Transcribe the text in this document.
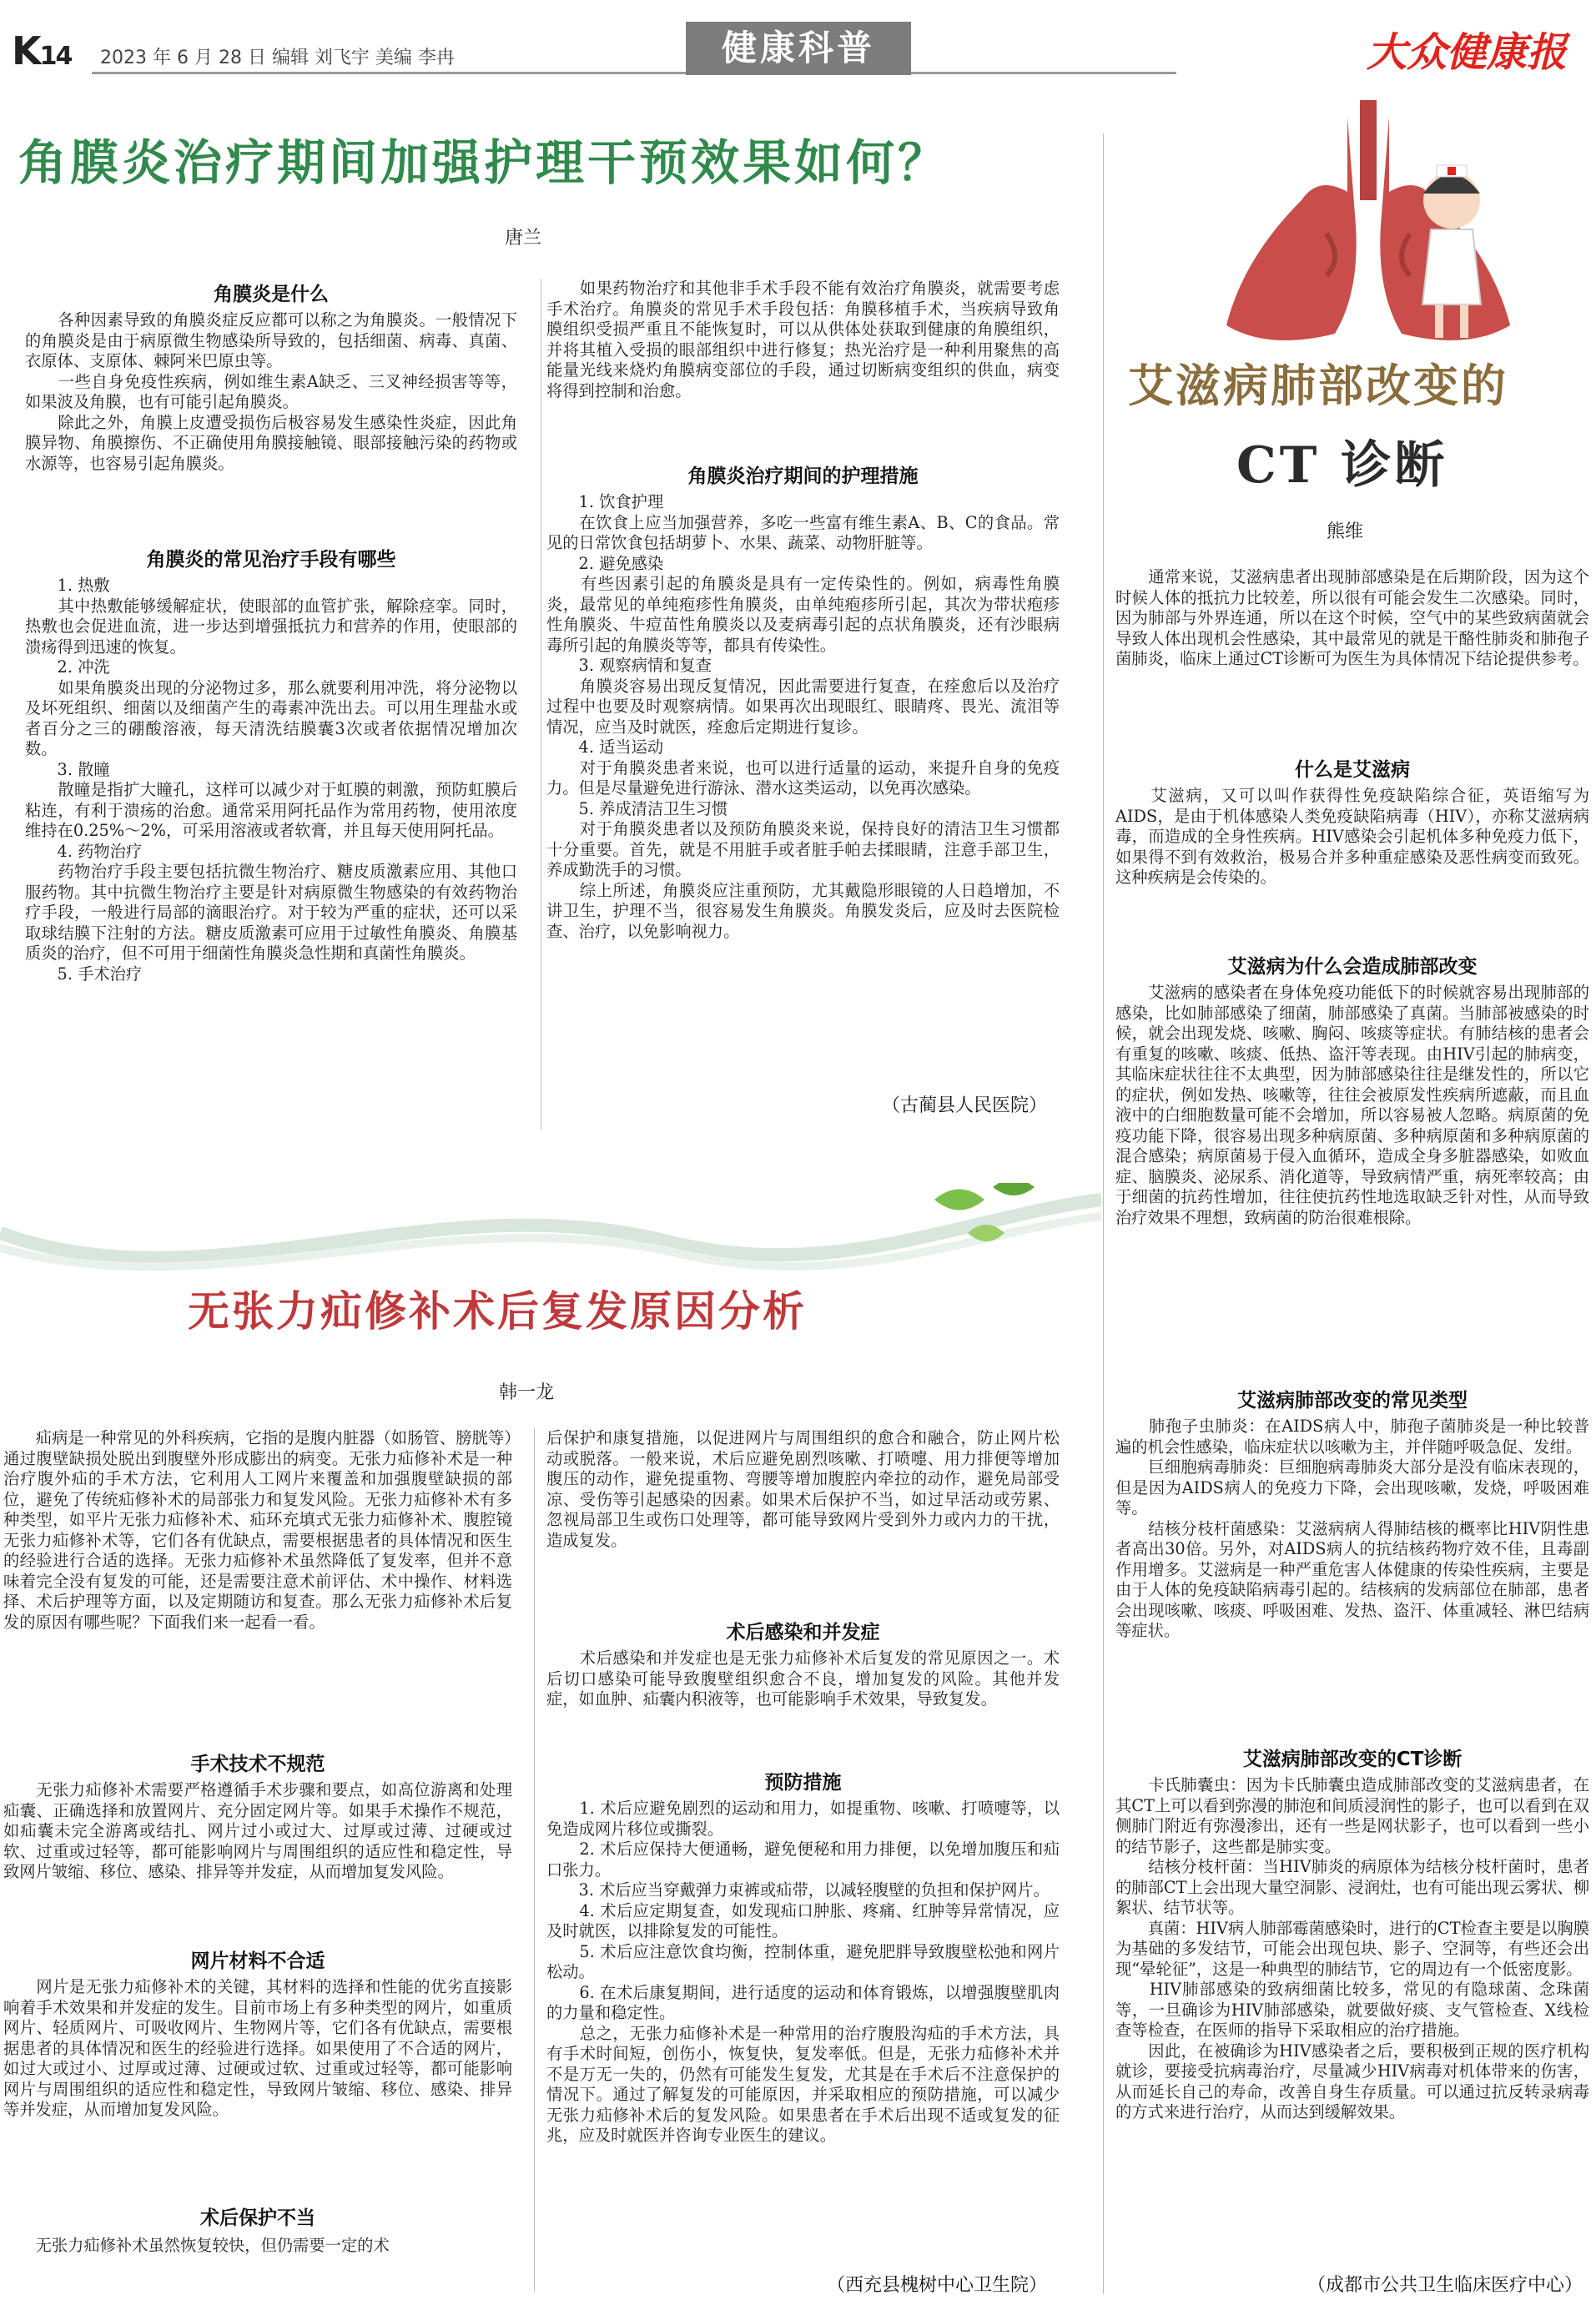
K14 2023 年 6 月 28 日 编辑 刘飞宇 美编 李冉	健康科普	大众健康报
角膜炎治疗期间加强护理干预效果如何？
唐兰
角膜炎是什么
　　各种因素导致的角膜炎症反应都可以称之为角膜炎。一般情况下的角膜炎是由于病原微生物感染所导致的，包括细菌、病毒、真菌、衣原体、支原体、棘阿米巴原虫等。
　　一些自身免疫性疾病，例如维生素A缺乏、三叉神经损害等等，如果波及角膜，也有可能引起角膜炎。
　　除此之外，角膜上皮遭受损伤后极容易发生感染性炎症，因此角膜异物、角膜擦伤、不正确使用角膜接触镜、眼部接触污染的药物或水源等，也容易引起角膜炎。
角膜炎的常见治疗手段有哪些
　　1. 热敷
　　其中热敷能够缓解症状，使眼部的血管扩张，解除痉挛。同时，热敷也会促进血流，进一步达到增强抵抗力和营养的作用，使眼部的溃疡得到迅速的恢复。
　　2. 冲洗
　　如果角膜炎出现的分泌物过多，那么就要利用冲洗，将分泌物以及坏死组织、细菌以及细菌产生的毒素冲洗出去。可以用生理盐水或者百分之三的硼酸溶液，每天清洗结膜囊3次或者依据情况增加次数。
　　3. 散瞳
　　散瞳是指扩大瞳孔，这样可以减少对于虹膜的刺激，预防虹膜后粘连，有利于溃疡的治愈。通常采用阿托品作为常用药物，使用浓度维持在0.25%～2%，可采用溶液或者软膏，并且每天使用阿托品。
　　4. 药物治疗
　　药物治疗手段主要包括抗微生物治疗、糖皮质激素应用、其他口服药物。其中抗微生物治疗主要是针对病原微生物感染的有效药物治疗手段，一般进行局部的滴眼治疗。对于较为严重的症状，还可以采取球结膜下注射的方法。糖皮质激素可应用于过敏性角膜炎、角膜基质炎的治疗，但不可用于细菌性角膜炎急性期和真菌性角膜炎。
　　5. 手术治疗
　　如果药物治疗和其他非手术手段不能有效治疗角膜炎，就需要考虑手术治疗。角膜炎的常见手术手段包括：角膜移植手术，当疾病导致角膜组织受损严重且不能恢复时，可以从供体处获取到健康的角膜组织，并将其植入受损的眼部组织中进行修复；热光治疗是一种利用聚焦的高能量光线来烧灼角膜病变部位的手段，通过切断病变组织的供血，病变将得到控制和治愈。
角膜炎治疗期间的护理措施
　　1. 饮食护理
　　在饮食上应当加强营养，多吃一些富有维生素A、B、C的食品。常见的日常饮食包括胡萝卜、水果、蔬菜、动物肝脏等。
　　2. 避免感染
　　有些因素引起的角膜炎是具有一定传染性的。例如，病毒性角膜炎，最常见的单纯疱疹性角膜炎，由单纯疱疹所引起，其次为带状疱疹性角膜炎、牛痘苗性角膜炎以及麦病毒引起的点状角膜炎，还有沙眼病毒所引起的角膜炎等等，都具有传染性。
　　3. 观察病情和复查
　　角膜炎容易出现反复情况，因此需要进行复查，在痊愈后以及治疗过程中也要及时观察病情。如果再次出现眼红、眼睛疼、畏光、流泪等情况，应当及时就医，痊愈后定期进行复诊。
　　4. 适当运动
　　对于角膜炎患者来说，也可以进行适量的运动，来提升自身的免疫力。但是尽量避免进行游泳、潜水这类运动，以免再次感染。
　　5. 养成清洁卫生习惯
　　对于角膜炎患者以及预防角膜炎来说，保持良好的清洁卫生习惯都十分重要。首先，就是不用脏手或者脏手帕去揉眼睛，注意手部卫生，养成勤洗手的习惯。
　　综上所述，角膜炎应注重预防，尤其戴隐形眼镜的人日趋增加，不讲卫生，护理不当，很容易发生角膜炎。角膜发炎后，应及时去医院检查、治疗，以免影响视力。
（古蔺县人民医院）
无张力疝修补术后复发原因分析
韩一龙
　　疝病是一种常见的外科疾病，它指的是腹内脏器（如肠管、膀胱等）通过腹壁缺损处脱出到腹壁外形成膨出的病变。无张力疝修补术是一种治疗腹外疝的手术方法，它利用人工网片来覆盖和加强腹壁缺损的部位，避免了传统疝修补术的局部张力和复发风险。无张力疝修补术有多种类型，如平片无张力疝修补术、疝环充填式无张力疝修补术、腹腔镜无张力疝修补术等，它们各有优缺点，需要根据患者的具体情况和医生的经验进行合适的选择。无张力疝修补术虽然降低了复发率，但并不意味着完全没有复发的可能，还是需要注意术前评估、术中操作、材料选择、术后护理等方面，以及定期随访和复查。那么无张力疝修补术后复发的原因有哪些呢？下面我们来一起看一看。
手术技术不规范
　　无张力疝修补术需要严格遵循手术步骤和要点，如高位游离和处理疝囊、正确选择和放置网片、充分固定网片等。如果手术操作不规范，如疝囊未完全游离或结扎、网片过小或过大、过厚或过薄、过硬或过软、过重或过轻等，都可能影响网片与周围组织的适应性和稳定性，导致网片皱缩、移位、感染、排异等并发症，从而增加复发风险。
网片材料不合适
　　网片是无张力疝修补术的关键，其材料的选择和性能的优劣直接影响着手术效果和并发症的发生。目前市场上有多种类型的网片，如重质网片、轻质网片、可吸收网片、生物网片等，它们各有优缺点，需要根据患者的具体情况和医生的经验进行选择。如果使用了不合适的网片，如过大或过小、过厚或过薄、过硬或过软、过重或过轻等，都可能影响网片与周围组织的适应性和稳定性，导致网片皱缩、移位、感染、排异等并发症，从而增加复发风险。
术后保护不当
　　无张力疝修补术虽然恢复较快，但仍需要一定的术
后保护和康复措施，以促进网片与周围组织的愈合和融合，防止网片松动或脱落。一般来说，术后应避免剧烈咳嗽、打喷嚏、用力排便等增加腹压的动作，避免提重物、弯腰等增加腹腔内牵拉的动作，避免局部受凉、受伤等引起感染的因素。如果术后保护不当，如过早活动或劳累、忽视局部卫生或伤口处理等，都可能导致网片受到外力或内力的干扰，造成复发。
术后感染和并发症
　　术后感染和并发症也是无张力疝修补术后复发的常见原因之一。术后切口感染可能导致腹壁组织愈合不良，增加复发的风险。其他并发症，如血肿、疝囊内积液等，也可能影响手术效果，导致复发。
预防措施
　　1. 术后应避免剧烈的运动和用力，如提重物、咳嗽、打喷嚏等，以免造成网片移位或撕裂。
　　2. 术后应保持大便通畅，避免便秘和用力排便，以免增加腹压和疝口张力。
　　3. 术后应当穿戴弹力束裤或疝带，以减轻腹壁的负担和保护网片。
　　4. 术后应定期复查，如发现疝口肿胀、疼痛、红肿等异常情况，应及时就医，以排除复发的可能性。
　　5. 术后应注意饮食均衡，控制体重，避免肥胖导致腹壁松弛和网片松动。
　　6. 在术后康复期间，进行适度的运动和体育锻炼，以增强腹壁肌肉的力量和稳定性。
　　总之，无张力疝修补术是一种常用的治疗腹股沟疝的手术方法，具有手术时间短，创伤小，恢复快，复发率低。但是，无张力疝修补术并不是万无一失的，仍然有可能发生复发，尤其是在手术后不注意保护的情况下。通过了解复发的可能原因，并采取相应的预防措施，可以减少无张力疝修补术后的复发风险。如果患者在手术后出现不适或复发的征兆，应及时就医并咨询专业医生的建议。
（西充县槐树中心卫生院）
艾滋病肺部改变的
CT 诊断
熊维
　　通常来说，艾滋病患者出现肺部感染是在后期阶段，因为这个时候人体的抵抗力比较差，所以很有可能会发生二次感染。同时，因为肺部与外界连通，所以在这个时候，空气中的某些致病菌就会导致人体出现机会性感染，其中最常见的就是干酪性肺炎和肺孢子菌肺炎，临床上通过CT诊断可为医生为具体情况下结论提供参考。
什么是艾滋病
　　艾滋病，又可以叫作获得性免疫缺陷综合征，英语缩写为AIDS，是由于机体感染人类免疫缺陷病毒（HIV），亦称艾滋病病毒，而造成的全身性疾病。HIV感染会引起机体多种免疫力低下，如果得不到有效救治，极易合并多种重症感染及恶性病变而致死。这种疾病是会传染的。
艾滋病为什么会造成肺部改变
　　艾滋病的感染者在身体免疫功能低下的时候就容易出现肺部的感染，比如肺部感染了细菌，肺部感染了真菌。当肺部被感染的时候，就会出现发烧、咳嗽、胸闷、咳痰等症状。有肺结核的患者会有重复的咳嗽、咳痰、低热、盗汗等表现。由HIV引起的肺病变，其临床症状往往不太典型，因为肺部感染往往是继发性的，所以它的症状，例如发热、咳嗽等，往往会被原发性疾病所遮蔽，而且血液中的白细胞数量可能不会增加，所以容易被人忽略。病原菌的免疫功能下降，很容易出现多种病原菌、多种病原菌和多种病原菌的混合感染；病原菌易于侵入血循环，造成全身多脏器感染，如败血症、脑膜炎、泌尿系、消化道等，导致病情严重，病死率较高；由于细菌的抗药性增加，往往使抗药性地选取缺乏针对性，从而导致治疗效果不理想，致病菌的防治很难根除。
艾滋病肺部改变的常见类型
　　肺孢子虫肺炎：在AIDS病人中，肺孢子菌肺炎是一种比较普遍的机会性感染，临床症状以咳嗽为主，并伴随呼吸急促、发绀。
　　巨细胞病毒肺炎：巨细胞病毒肺炎大部分是没有临床表现的，但是因为AIDS病人的免疫力下降，会出现咳嗽，发烧，呼吸困难等。
　　结核分枝杆菌感染：艾滋病病人得肺结核的概率比HIV阴性患者高出30倍。另外，对AIDS病人的抗结核药物疗效不佳，且毒副作用增多。艾滋病是一种严重危害人体健康的传染性疾病，主要是由于人体的免疫缺陷病毒引起的。结核病的发病部位在肺部，患者会出现咳嗽、咳痰、呼吸困难、发热、盗汗、体重减轻、淋巴结病等症状。
艾滋病肺部改变的CT诊断
　　卡氏肺囊虫：因为卡氏肺囊虫造成肺部改变的艾滋病患者，在其CT上可以看到弥漫的肺泡和间质浸润性的影子，也可以看到在双侧肺门附近有弥漫渗出，还有一些是网状影子，也可以看到一些小的结节影子，这些都是肺实变。
　　结核分枝杆菌：当HIV肺炎的病原体为结核分枝杆菌时，患者的肺部CT上会出现大量空洞影、浸润灶，也有可能出现云雾状、柳絮状、结节状等。
　　真菌：HIV病人肺部霉菌感染时，进行的CT检查主要是以胸膜为基础的多发结节，可能会出现包块、影子、空洞等，有些还会出现“晕轮征”，这是一种典型的肺结节，它的周边有一个低密度影。
　　HIV肺部感染的致病细菌比较多，常见的有隐球菌、念珠菌等，一旦确诊为HIV肺部感染，就要做好痰、支气管检查、X线检查等检查，在医师的指导下采取相应的治疗措施。
　　因此，在被确诊为HIV感染者之后，要积极到正规的医疗机构就诊，要接受抗病毒治疗，尽量减少HIV病毒对机体带来的伤害，从而延长自己的寿命，改善自身生存质量。可以通过抗反转录病毒的方式来进行治疗，从而达到缓解效果。
（成都市公共卫生临床医疗中心）
